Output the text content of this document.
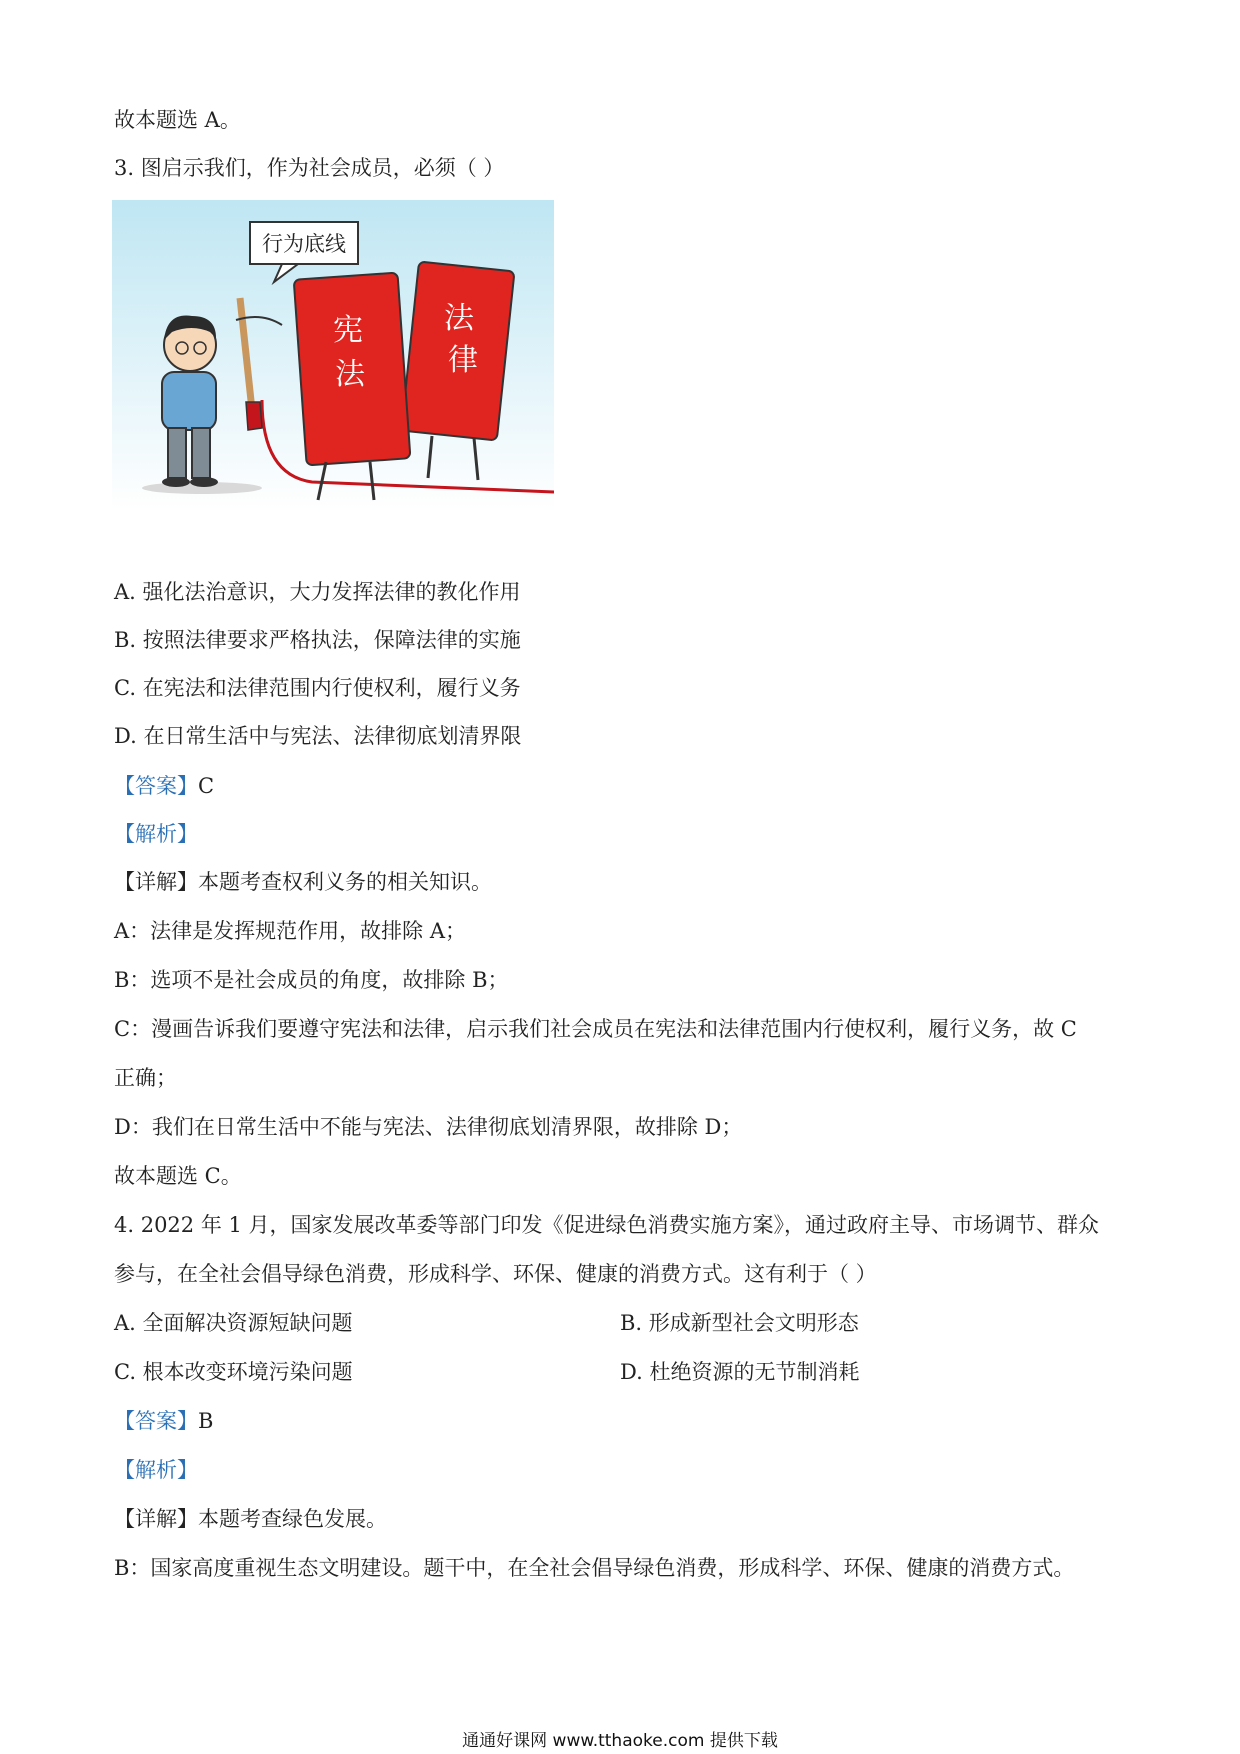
故本题选 A。
3. 图启示我们，作为社会成员，必须（ ）
行为底线
法
律
宪
法
A. 强化法治意识，大力发挥法律的教化作用
B. 按照法律要求严格执法，保障法律的实施
C. 在宪法和法律范围内行使权利，履行义务
D. 在日常生活中与宪法、法律彻底划清界限
【答案】C
【解析】
【详解】本题考查权利义务的相关知识。
A：法律是发挥规范作用，故排除 A；
B：选项不是社会成员的角度，故排除 B；
C：漫画告诉我们要遵守宪法和法律，启示我们社会成员在宪法和法律范围内行使权利，履行义务，故 C
正确；
D：我们在日常生活中不能与宪法、法律彻底划清界限，故排除 D；
故本题选 C。
4. 2022 年 1 月，国家发展改革委等部门印发《促进绿色消费实施方案》，通过政府主导、市场调节、群众
参与，在全社会倡导绿色消费，形成科学、环保、健康的消费方式。这有利于（ ）
A. 全面解决资源短缺问题	B. 形成新型社会文明形态
C. 根本改变环境污染问题	D. 杜绝资源的无节制消耗
【答案】B
【解析】
【详解】本题考查绿色发展。
B：国家高度重视生态文明建设。题干中，在全社会倡导绿色消费，形成科学、环保、健康的消费方式。
通通好课网 www.tthaoke.com 提供下载
